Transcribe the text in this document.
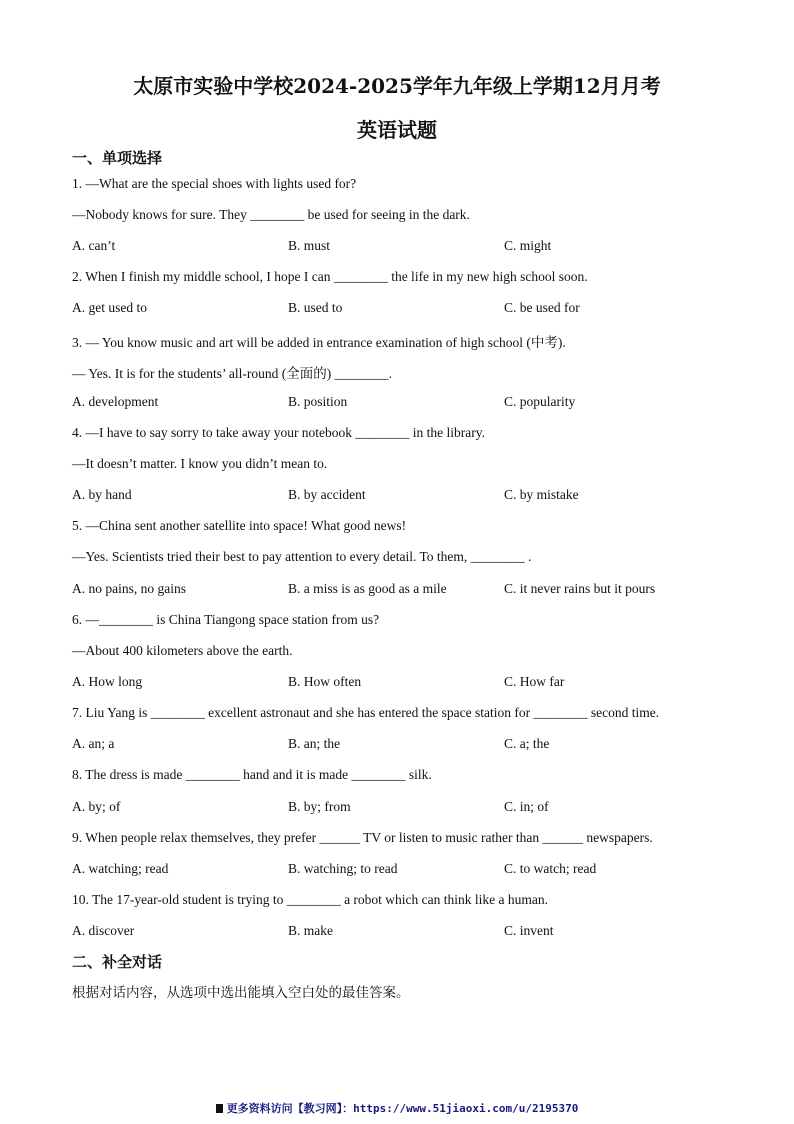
太原市实验中学校2024-2025学年九年级上学期12月月考
英语试题
一、单项选择
1. —What are the special shoes with lights used for?
—Nobody knows for sure. They ________ be used for seeing in the dark.
A. can’t	B. must	C. might
2. When I finish my middle school, I hope I can ________ the life in my new high school soon.
A. get used to	B. used to	C. be used for
3. — You know music and art will be added in entrance examination of high school (中考).
— Yes. It is for the students’ all-round (全面的) ________.
A. development	B. position	C. popularity
4. —I have to say sorry to take away your notebook ________ in the library.
—It doesn’t matter. I know you didn’t mean to.
A. by hand	B. by accident	C. by mistake
5. —China sent another satellite into space! What good news!
—Yes. Scientists tried their best to pay attention to every detail. To them, ________ .
A. no pains, no gains	B. a miss is as good as a mile	C. it never rains but it pours
6. —________ is China Tiangong space station from us?
—About 400 kilometers above the earth.
A. How long	B. How often	C. How far
7. Liu Yang is ________ excellent astronaut and she has entered the space station for ________ second time.
A. an; a	B. an; the	C. a; the
8. The dress is made ________ hand and it is made ________ silk.
A. by; of	B. by; from	C. in; of
9. When people relax themselves, they prefer ______ TV or listen to music rather than ______ newspapers.
A. watching; read	B. watching; to read	C. to watch; read
10. The 17-year-old student is trying to ________ a robot which can think like a human.
A. discover	B. make	C. invent
二、补全对话
根据对话内容，从选项中选出能填入空白处的最佳答案。
更多资料访问【教习网】：https://www.51jiaoxi.com/u/2195370
